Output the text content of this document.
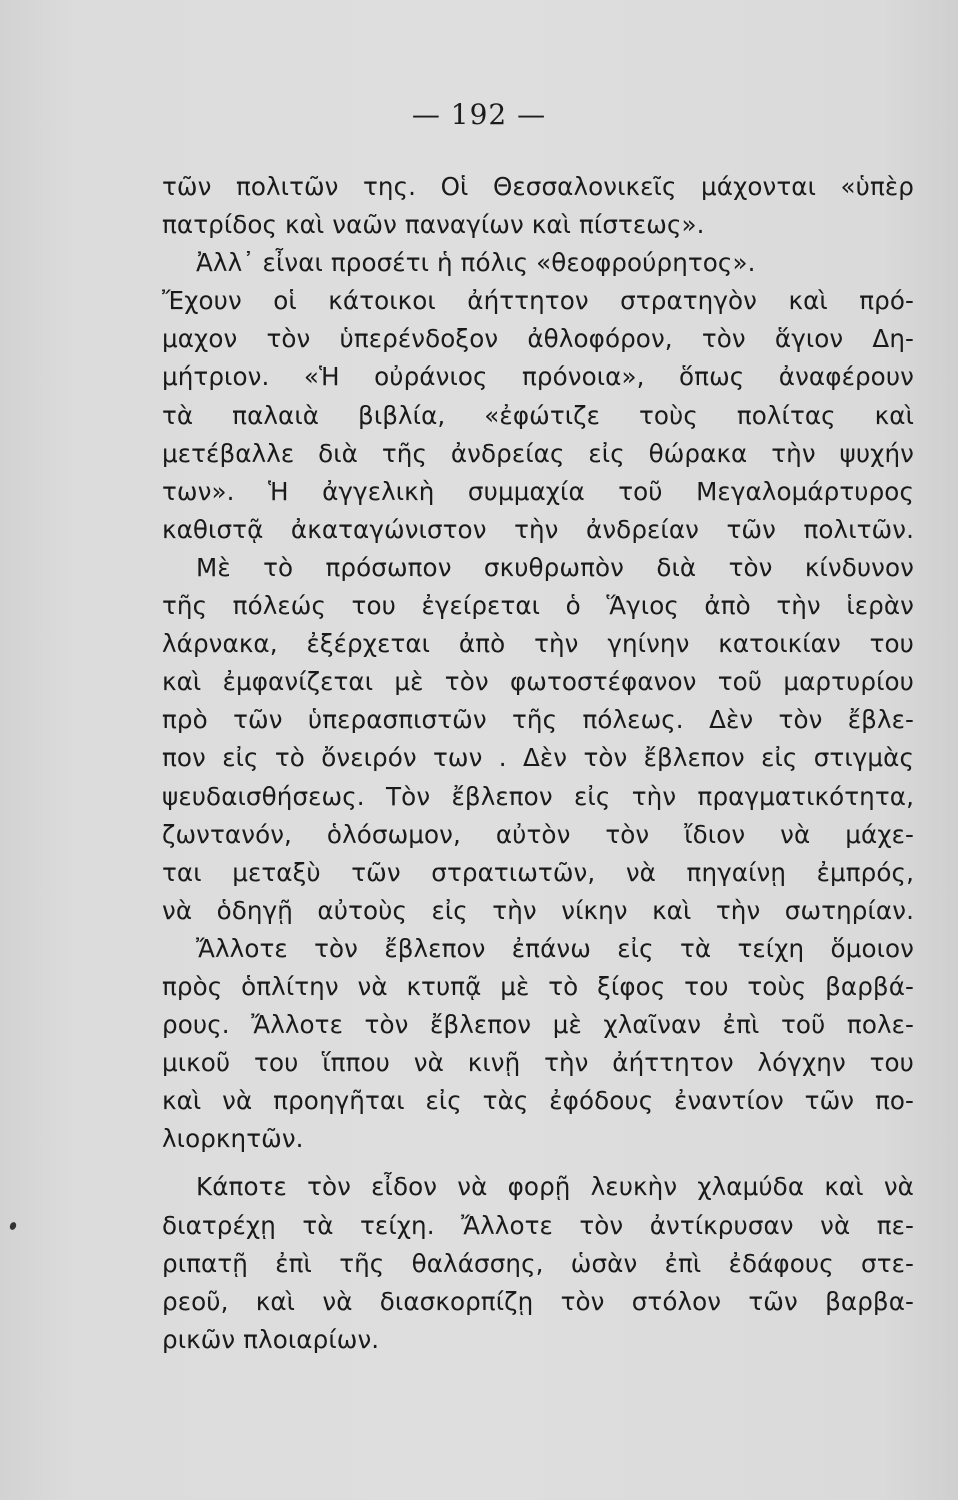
— 192 —
τῶν πολιτῶν της. Οἱ Θεσσαλονικεῖς μάχονται «ὑπὲρ
πατρίδος καὶ ναῶν παναγίων καὶ πίστεως».
Ἀλλ᾽ εἶναι προσέτι ἡ πόλις «θεοφρούρητος».
Ἔχουν οἱ κάτοικοι ἀήττητον στρατηγὸν καὶ πρό-
μαχον τὸν ὑπερένδοξον ἀθλοφόρον, τὸν ἅγιον Δη-
μήτριον. «Ἡ οὐράνιος πρόνοια», ὅπως ἀναφέρουν
τὰ παλαιὰ βιβλία, «ἐφώτιζε τοὺς πολίτας καὶ
μετέβαλλε διὰ τῆς ἀνδρείας εἰς θώρακα τὴν ψυχήν
των». Ἡ ἀγγελικὴ συμμαχία τοῦ Μεγαλομάρτυρος
καθιστᾷ ἀκαταγώνιστον τὴν ἀνδρείαν τῶν πολιτῶν.
Μὲ τὸ πρόσωπον σκυθρωπὸν διὰ τὸν κίνδυνον
τῆς πόλεώς του ἐγείρεται ὁ Ἅγιος ἀπὸ τὴν ἱερὰν
λάρνακα, ἐξέρχεται ἀπὸ τὴν γηίνην κατοικίαν του
καὶ ἐμφανίζεται μὲ τὸν φωτοστέφανον τοῦ μαρτυρίου
πρὸ τῶν ὑπερασπιστῶν τῆς πόλεως. Δὲν τὸν ἔβλε-
πον εἰς τὸ ὄνειρόν των . Δὲν τὸν ἔβλεπον εἰς στιγμὰς
ψευδαισθήσεως. Τὸν ἔβλεπον εἰς τὴν πραγματικότητα,
ζωντανόν, ὁλόσωμον, αὐτὸν τὸν ἴδιον νὰ μάχε-
ται μεταξὺ τῶν στρατιωτῶν, νὰ πηγαίνῃ ἐμπρός,
νὰ ὁδηγῇ αὐτοὺς εἰς τὴν νίκην καὶ τὴν σωτηρίαν.
Ἄλλοτε τὸν ἔβλεπον ἐπάνω εἰς τὰ τείχη ὅμοιον
πρὸς ὁπλίτην νὰ κτυπᾷ μὲ τὸ ξίφος του τοὺς βαρβά-
ρους. Ἄλλοτε τὸν ἔβλεπον μὲ χλαῖναν ἐπὶ τοῦ πολε-
μικοῦ του ἵππου νὰ κινῇ τὴν ἀήττητον λόγχην του
καὶ νὰ προηγῆται εἰς τὰς ἐφόδους ἐναντίον τῶν πο-
λιορκητῶν.
Κάποτε τὸν εἶδον νὰ φορῇ λευκὴν χλαμύδα καὶ νὰ
διατρέχῃ τὰ τείχη. Ἄλλοτε τὸν ἀντίκρυσαν νὰ πε-
ριπατῇ ἐπὶ τῆς θαλάσσης, ὡσὰν ἐπὶ ἐδάφους στε-
ρεοῦ, καὶ νὰ διασκορπίζῃ τὸν στόλον τῶν βαρβα-
ρικῶν πλοιαρίων.
